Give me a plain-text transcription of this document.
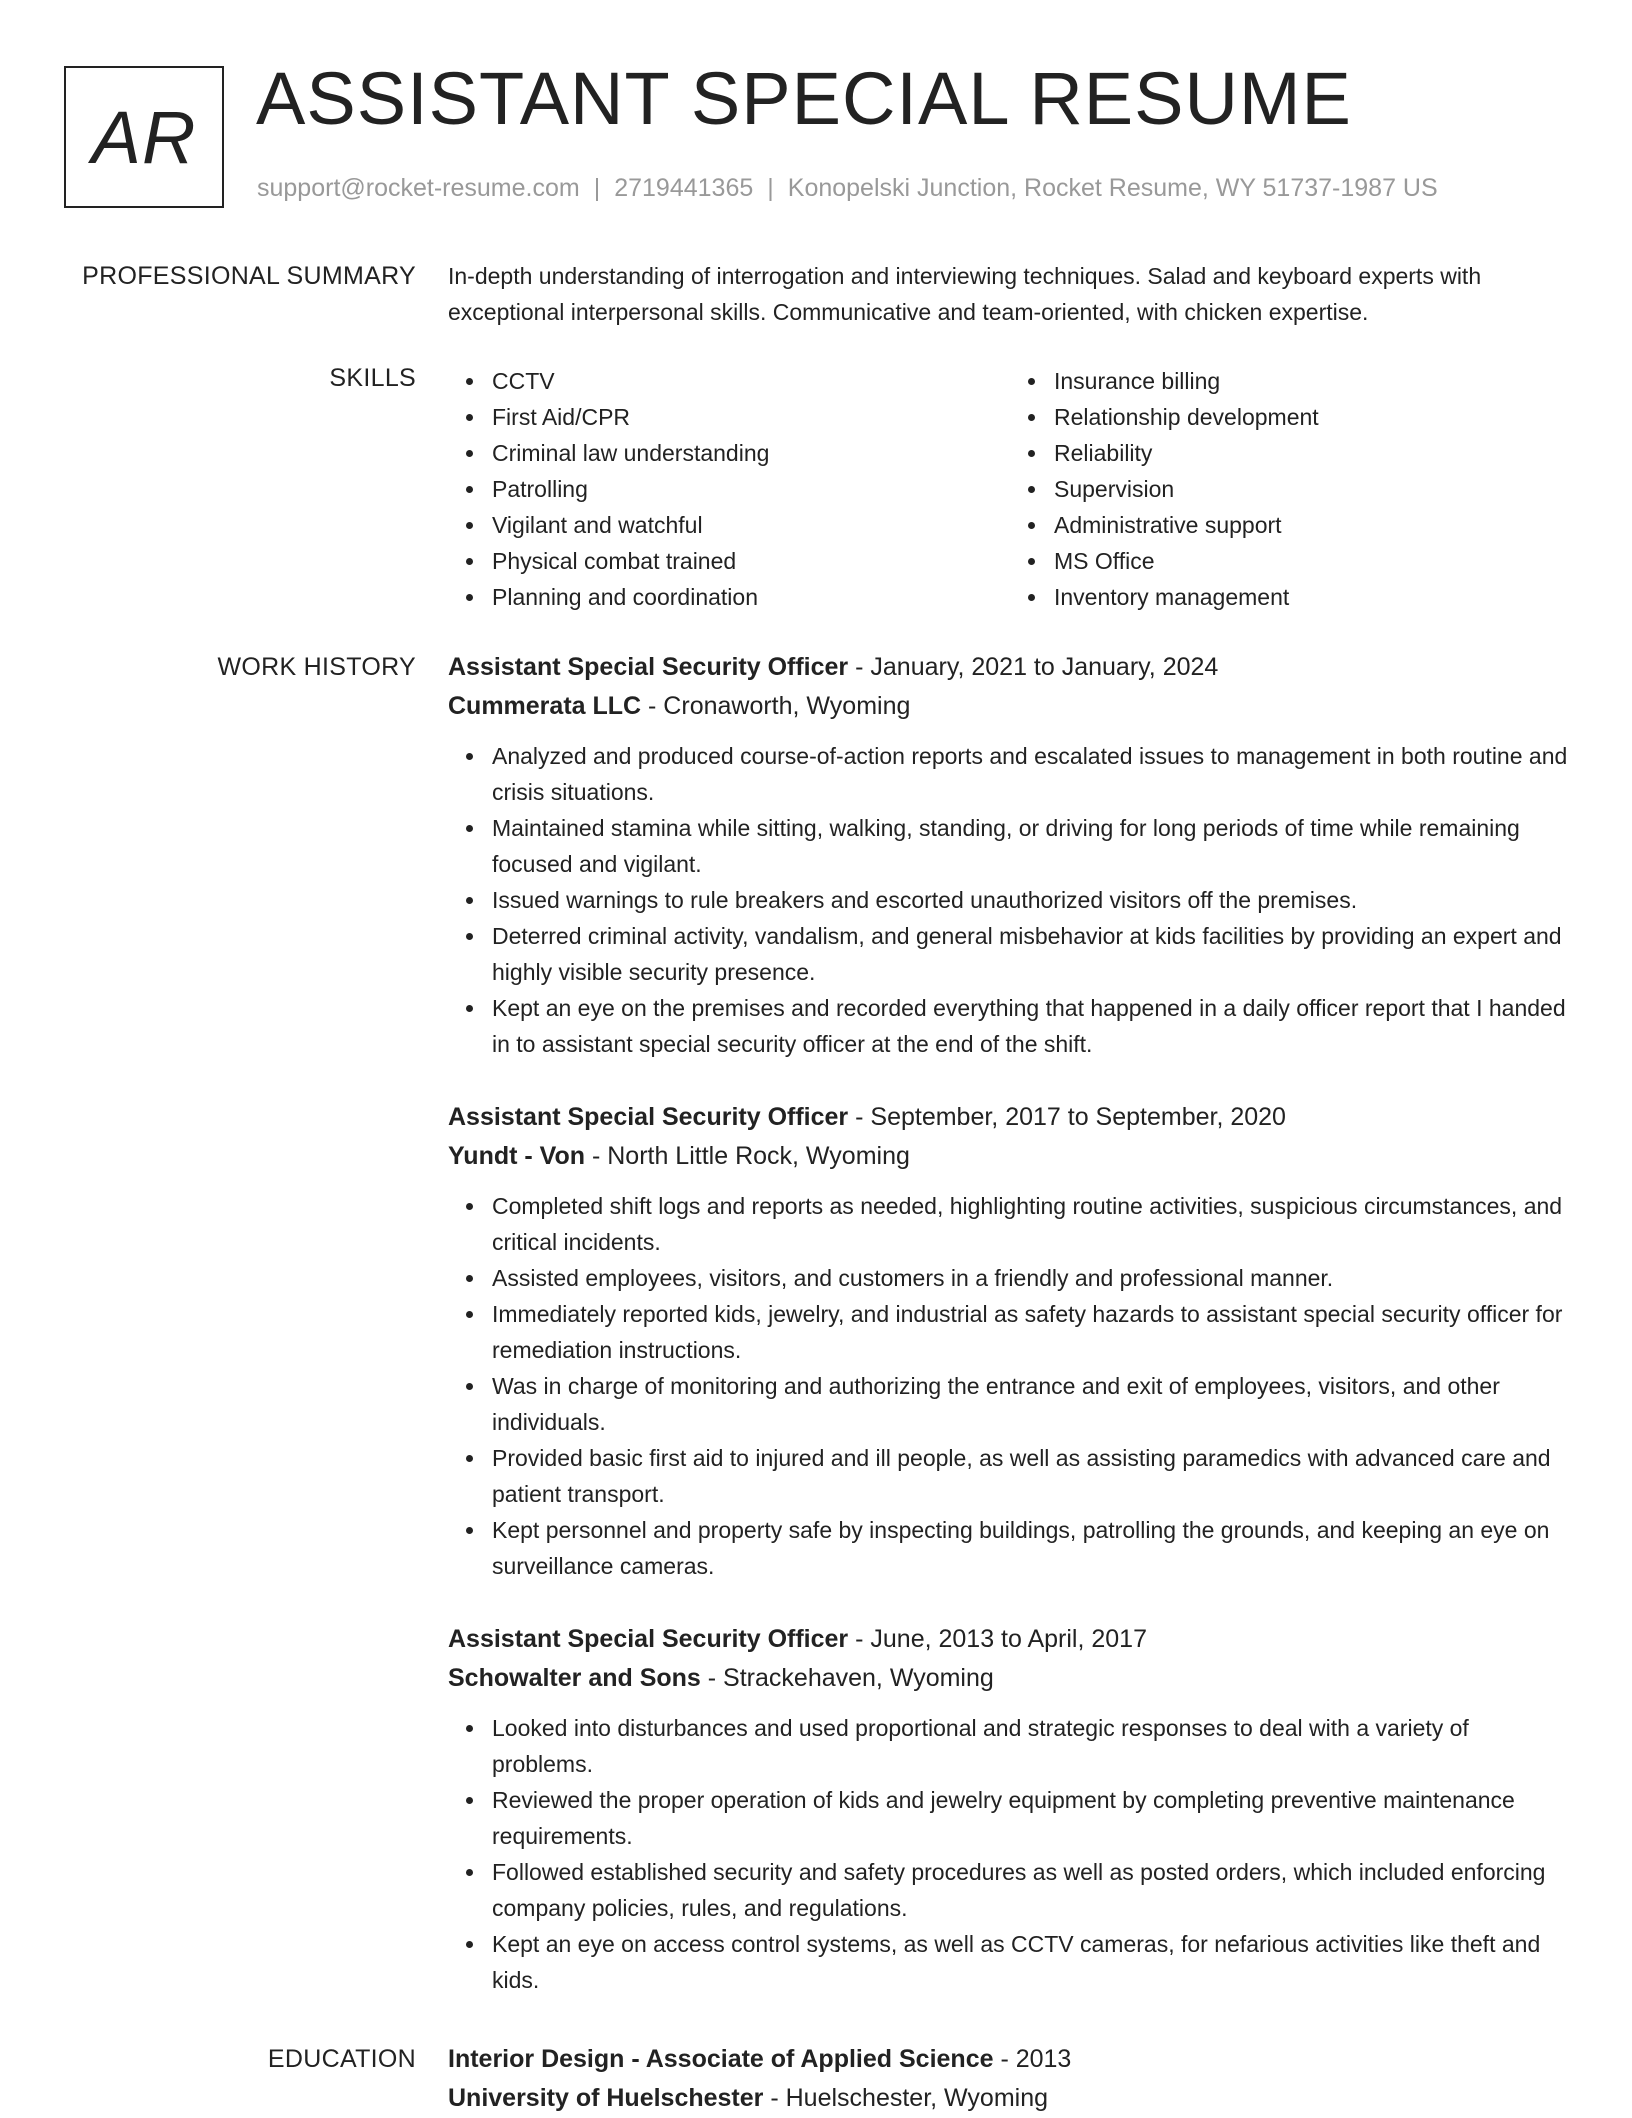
AR ASSISTANT SPECIAL RESUME
support@rocket-resume.com | 2719441365 | Konopelski Junction, Rocket Resume, WY 51737-1987 US
PROFESSIONAL SUMMARY In-depth understanding of interrogation and interviewing techniques. Salad and keyboard experts with exceptional interpersonal skills. Communicative and team-oriented, with chicken expertise.

SKILLS	CCTV
First Aid/CPR
Criminal law understanding
Patrolling
Vigilant and watchful
Physical combat trained
Planning and coordination
Insurance billing
Relationship development
Reliability
Supervision
Administrative support
MS Office
Inventory management
WORK HISTORY Assistant Special Security Officer - January, 2021 to January, 2024
Cummerata LLC - Cronaworth, Wyoming
Analyzed and produced course-of-action reports and escalated issues to management in both routine and crisis situations.
Maintained stamina while sitting, walking, standing, or driving for long periods of time while remaining focused and vigilant.
Issued warnings to rule breakers and escorted unauthorized visitors off the premises.
Deterred criminal activity, vandalism, and general misbehavior at kids facilities by providing an expert and highly visible security presence.
Kept an eye on the premises and recorded everything that happened in a daily officer report that I handed in to assistant special security officer at the end of the shift.
Assistant Special Security Officer - September, 2017 to September, 2020
Yundt - Von - North Little Rock, Wyoming
Completed shift logs and reports as needed, highlighting routine activities, suspicious circumstances, and critical incidents.
Assisted employees, visitors, and customers in a friendly and professional manner.
Immediately reported kids, jewelry, and industrial as safety hazards to assistant special security officer for remediation instructions.
Was in charge of monitoring and authorizing the entrance and exit of employees, visitors, and other individuals.
Provided basic first aid to injured and ill people, as well as assisting paramedics with advanced care and patient transport.
Kept personnel and property safe by inspecting buildings, patrolling the grounds, and keeping an eye on surveillance cameras.
Assistant Special Security Officer - June, 2013 to April, 2017
Schowalter and Sons - Strackehaven, Wyoming
Looked into disturbances and used proportional and strategic responses to deal with a variety of problems.
Reviewed the proper operation of kids and jewelry equipment by completing preventive maintenance requirements.
Followed established security and safety procedures as well as posted orders, which included enforcing company policies, rules, and regulations.
Kept an eye on access control systems, as well as CCTV cameras, for nefarious activities like theft and kids.
EDUCATION Interior Design - Associate of Applied Science - 2013
University of Huelschester - Huelschester, Wyoming
